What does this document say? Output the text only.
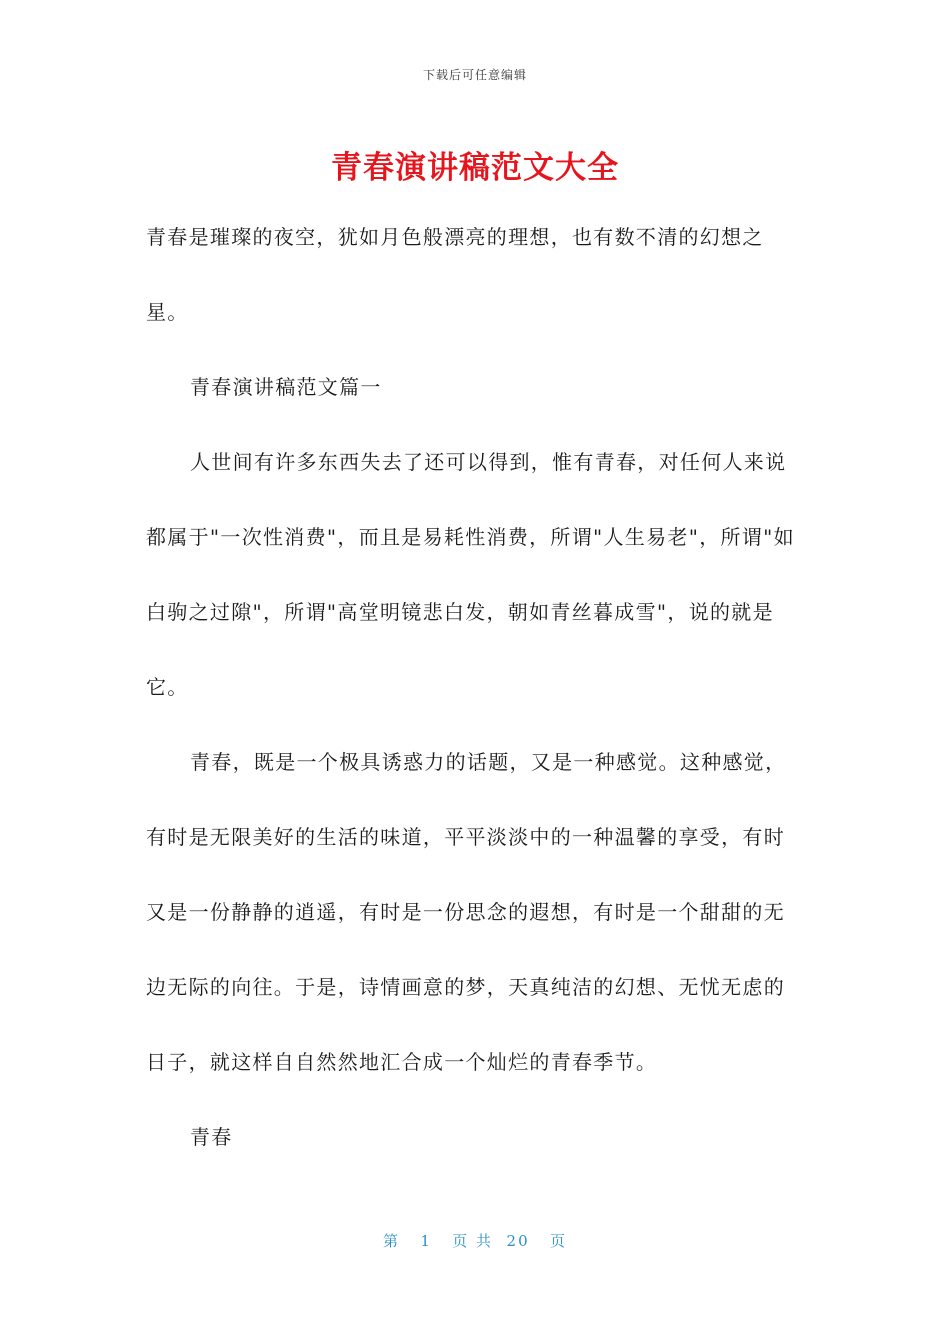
下载后可任意编辑
青春演讲稿范文大全

青春是璀璨的夜空，犹如月色般漂亮的理想，也有数不清的幻想之星。

青春演讲稿范文篇一

人世间有许多东西失去了还可以得到，惟有青春，对任何人来说都属于"一次性消费"，而且是易耗性消费，所谓"人生易老"，所谓"如白驹之过隙"，所谓"高堂明镜悲白发，朝如青丝暮成雪"，说的就是它。

青春，既是一个极具诱惑力的话题，又是一种感觉。这种感觉，有时是无限美好的生活的味道，平平淡淡中的一种温馨的享受，有时又是一份静静的逍遥，有时是一份思念的遐想，有时是一个甜甜的无边无际的向往。于是，诗情画意的梦，天真纯洁的幻想、无忧无虑的日子，就这样自自然然地汇合成一个灿烂的青春季节。

青春

第 1 页 共 20 页
